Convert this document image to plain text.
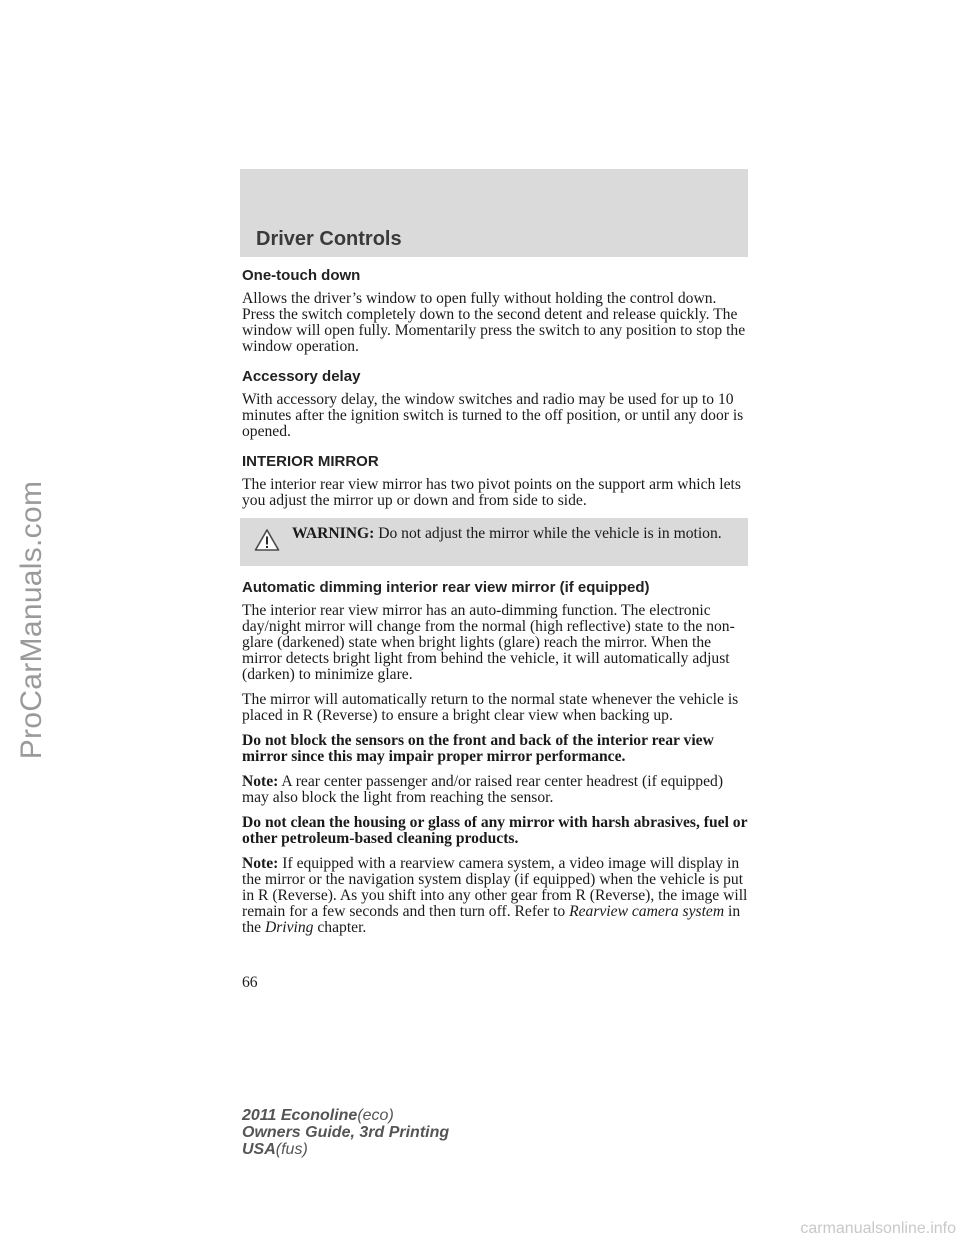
ProCarManuals.com
Driver Controls
One-touch down

Allows the driver’s window to open fully without holding the control down. Press the switch completely down to the second detent and release quickly. The window will open fully. Momentarily press the switch to any position to stop the window operation.

Accessory delay

With accessory delay, the window switches and radio may be used for up to 10 minutes after the ignition switch is turned to the off position, or until any door is opened.

INTERIOR MIRROR

The interior rear view mirror has two pivot points on the support arm which lets you adjust the mirror up or down and from side to side.

WARNING: Do not adjust the mirror while the vehicle is in motion.
Automatic dimming interior rear view mirror (if equipped)

The interior rear view mirror has an auto-dimming function. The electronic day/night mirror will change from the normal (high reflective) state to the non-glare (darkened) state when bright lights (glare) reach the mirror. When the mirror detects bright light from behind the vehicle, it will automatically adjust (darken) to minimize glare.

The mirror will automatically return to the normal state whenever the vehicle is placed in R (Reverse) to ensure a bright clear view when backing up.

Do not block the sensors on the front and back of the interior rear view mirror since this may impair proper mirror performance.

Note: A rear center passenger and/or raised rear center headrest (if equipped) may also block the light from reaching the sensor.

Do not clean the housing or glass of any mirror with harsh abrasives, fuel or other petroleum-based cleaning products.

Note: If equipped with a rearview camera system, a video image will display in the mirror or the navigation system display (if equipped) when the vehicle is put in R (Reverse). As you shift into any other gear from R (Reverse), the image will remain for a few seconds and then turn off. Refer to Rearview camera system in the Driving chapter.

66
2011 Econoline(eco)
Owners Guide, 3rd Printing
USA(fus)
carmanualsonline.info
